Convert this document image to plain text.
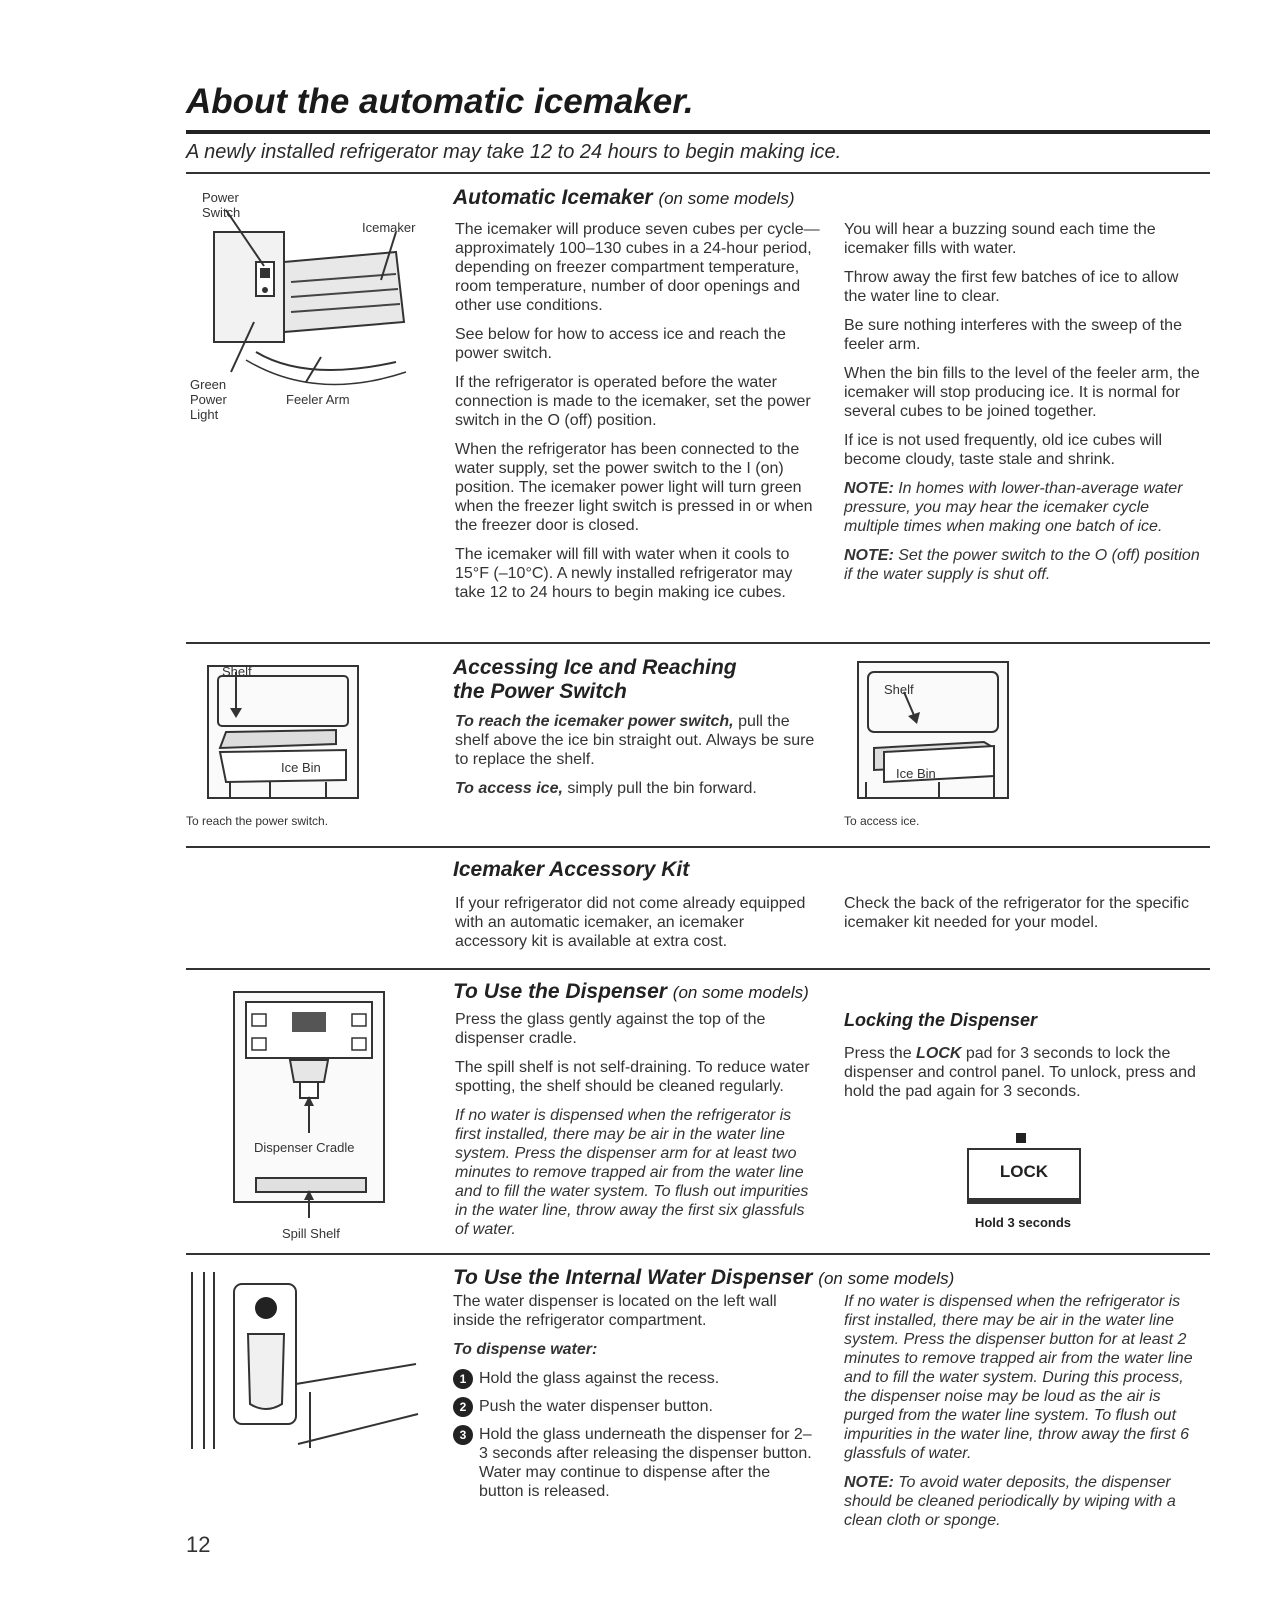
About the automatic icemaker.
A newly installed refrigerator may take 12 to 24 hours to begin making ice.
Power Switch
Icemaker
Green Power Light
Feeler Arm
Automatic Icemaker (on some models)

The icemaker will produce seven cubes per cycle— approximately 100–130 cubes in a 24-hour period, depending on freezer compartment temperature, room temperature, number of door openings and other use conditions.

See below for how to access ice and reach the power switch.

If the refrigerator is operated before the water connection is made to the icemaker, set the power switch in the O (off) position.

When the refrigerator has been connected to the water supply, set the power switch to the I (on) position. The icemaker power light will turn green when the freezer light switch is pressed in or when the freezer door is closed.

The icemaker will fill with water when it cools to 15°F (–10°C). A newly installed refrigerator may take 12 to 24 hours to begin making ice cubes.

You will hear a buzzing sound each time the icemaker fills with water.

Throw away the first few batches of ice to allow the water line to clear.

Be sure nothing interferes with the sweep of the feeler arm.

When the bin fills to the level of the feeler arm, the icemaker will stop producing ice. It is normal for several cubes to be joined together.

If ice is not used frequently, old ice cubes will become cloudy, taste stale and shrink.

NOTE: In homes with lower-than-average water pressure, you may hear the icemaker cycle multiple times when making one batch of ice.

NOTE: Set the power switch to the O (off) position if the water supply is shut off.

Shelf
Ice Bin
To reach the power switch.
Accessing Ice and Reaching
the Power Switch

To reach the icemaker power switch, pull the shelf above the ice bin straight out. Always be sure to replace the shelf.

To access ice, simply pull the bin forward.

Shelf
Ice Bin
To access ice.
Icemaker Accessory Kit

If your refrigerator did not come already equipped with an automatic icemaker, an icemaker accessory kit is available at extra cost.

Check the back of the refrigerator for the specific icemaker kit needed for your model.

Dispenser Cradle
Spill Shelf
To Use the Dispenser (on some models)

Press the glass gently against the top of the dispenser cradle.

The spill shelf is not self-draining. To reduce water spotting, the shelf should be cleaned regularly.

If no water is dispensed when the refrigerator is first installed, there may be air in the water line system. Press the dispenser arm for at least two minutes to remove trapped air from the water line and to fill the water system. To flush out impurities in the water line, throw away the first six glassfuls of water.

Locking the Dispenser

Press the LOCK pad for 3 seconds to lock the dispenser and control panel. To unlock, press and hold the pad again for 3 seconds.

LOCK
Hold 3 seconds
To Use the Internal Water Dispenser (on some models)

The water dispenser is located on the left wall inside the refrigerator compartment.

To dispense water:

1 Hold the glass against the recess.
2 Push the water dispenser button.
3 Hold the glass underneath the dispenser for 2–3 seconds after releasing the dispenser button. Water may continue to dispense after the button is released.

If no water is dispensed when the refrigerator is first installed, there may be air in the water line system. Press the dispenser button for at least 2 minutes to remove trapped air from the water line and to fill the water system. During this process, the dispenser noise may be loud as the air is purged from the water line system. To flush out impurities in the water line, throw away the first 6 glassfuls of water.

NOTE: To avoid water deposits, the dispenser should be cleaned periodically by wiping with a clean cloth or sponge.

12
